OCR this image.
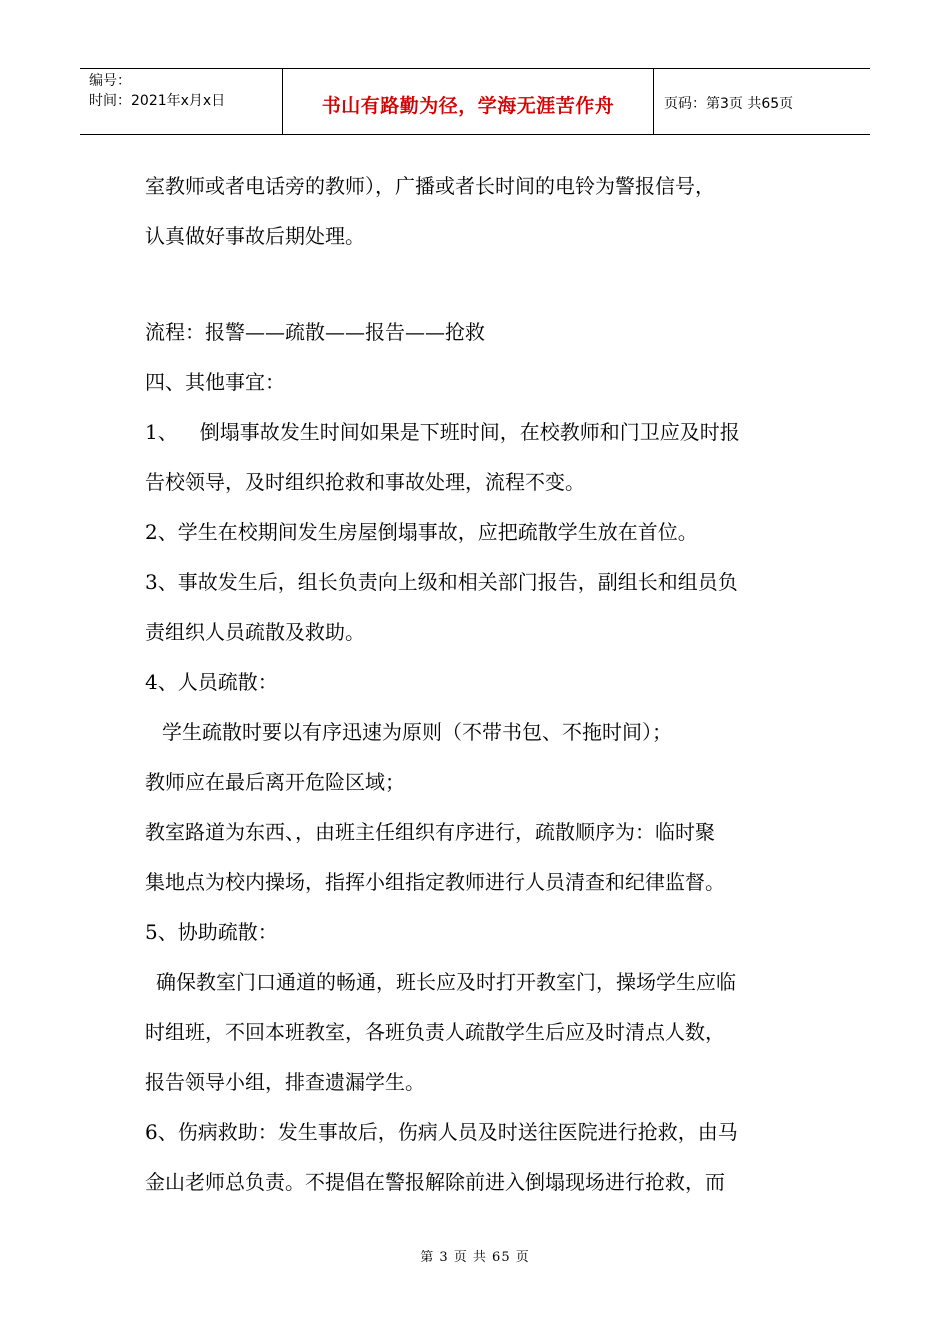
编号：
时间：2021年x月x日	书山有路勤为径，学海无涯苦作舟	页码：第3页 共65页
室教师或者电话旁的教师），广播或者长时间的电铃为警报信号，
认真做好事故后期处理。
流程：报警——疏散——报告——抢救
四、其他事宜：
1、 倒塌事故发生时间如果是下班时间，在校教师和门卫应及时报
告校领导，及时组织抢救和事故处理，流程不变。
2、学生在校期间发生房屋倒塌事故，应把疏散学生放在首位。
3、事故发生后，组长负责向上级和相关部门报告，副组长和组员负
责组织人员疏散及救助。
4、人员疏散：
学生疏散时要以有序迅速为原则（不带书包、不拖时间）；
教师应在最后离开危险区域；
教室路道为东西、，由班主任组织有序进行，疏散顺序为：临时聚
集地点为校内操场，指挥小组指定教师进行人员清查和纪律监督。
5、协助疏散：
确保教室门口通道的畅通，班长应及时打开教室门，操场学生应临
时组班，不回本班教室，各班负责人疏散学生后应及时清点人数，
报告领导小组，排查遗漏学生。
6、伤病救助：发生事故后，伤病人员及时送往医院进行抢救，由马
金山老师总负责。不提倡在警报解除前进入倒塌现场进行抢救，而
第 3 页 共 65 页
